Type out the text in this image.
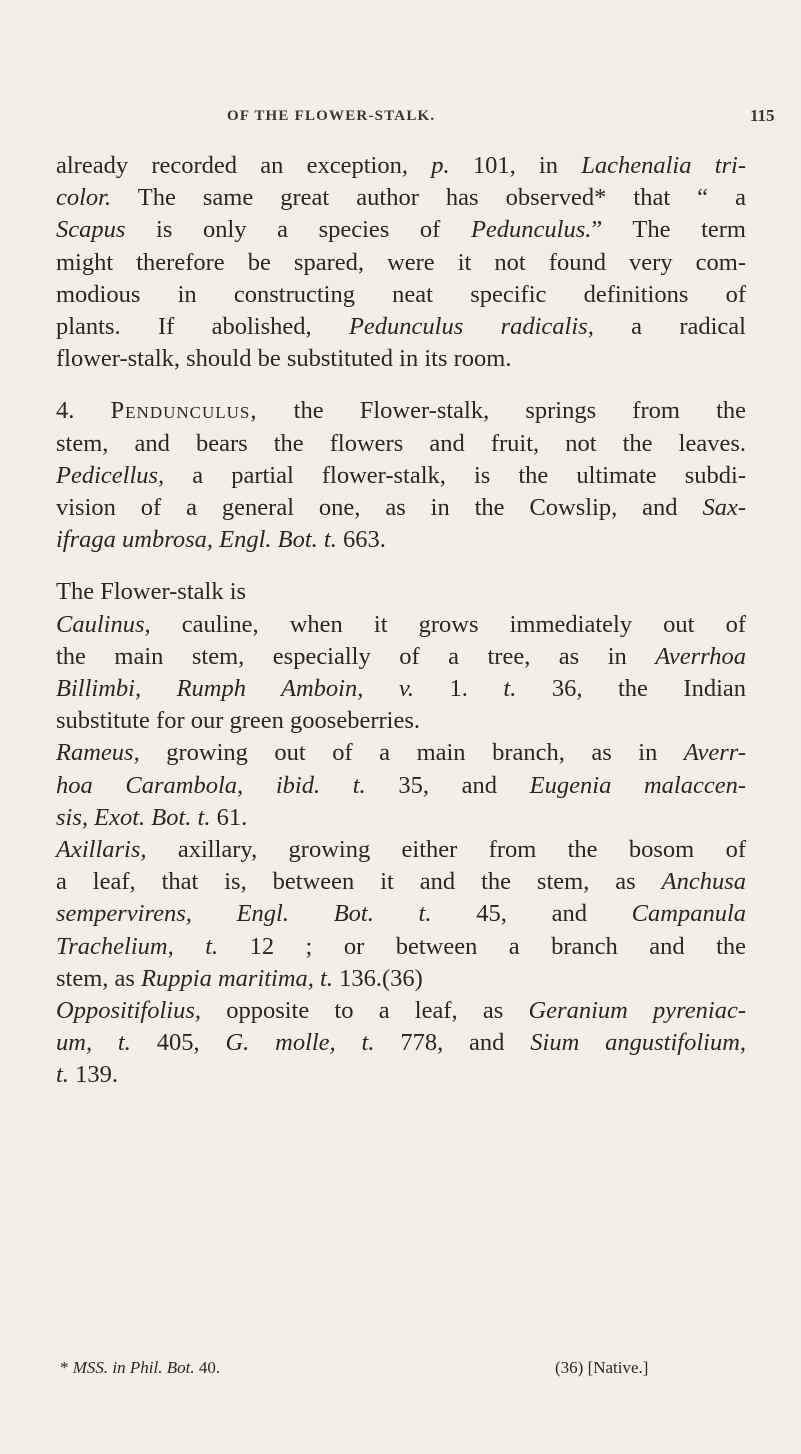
OF THE FLOWER-STALK.	115
already recorded an exception, p. 101, in Lachenalia tri-
color. The same great author has observed* that “ a
Scapus is only a species of Pedunculus.” The term
might therefore be spared, were it not found very com-
modious in constructing neat specific definitions of
plants. If abolished, Pedunculus radicalis, a radical
flower-stalk, should be substituted in its room.
4. Pendunculus, the Flower-stalk, springs from the
stem, and bears the flowers and fruit, not the leaves.
Pedicellus, a partial flower-stalk, is the ultimate subdi-
vision of a general one, as in the Cowslip, and Sax-
ifraga umbrosa, Engl. Bot. t. 663.
The Flower-stalk is
Caulinus, cauline, when it grows immediately out of
the main stem, especially of a tree, as in Averrhoa
Billimbi, Rumph Amboin, v. 1. t. 36, the Indian
substitute for our green gooseberries.
Rameus, growing out of a main branch, as in Averr-
hoa Carambola, ibid. t. 35, and Eugenia malaccen-
sis, Exot. Bot. t. 61.
Axillaris, axillary, growing either from the bosom of
a leaf, that is, between it and the stem, as Anchusa
sempervirens, Engl. Bot. t. 45, and Campanula
Trachelium, t. 12 ; or between a branch and the
stem, as Ruppia maritima, t. 136.(36)
Oppositifolius, opposite to a leaf, as Geranium pyreniac-
um, t. 405, G. molle, t. 778, and Sium angustifolium,
t. 139.
* MSS. in Phil. Bot. 40.	(36) [Native.]
